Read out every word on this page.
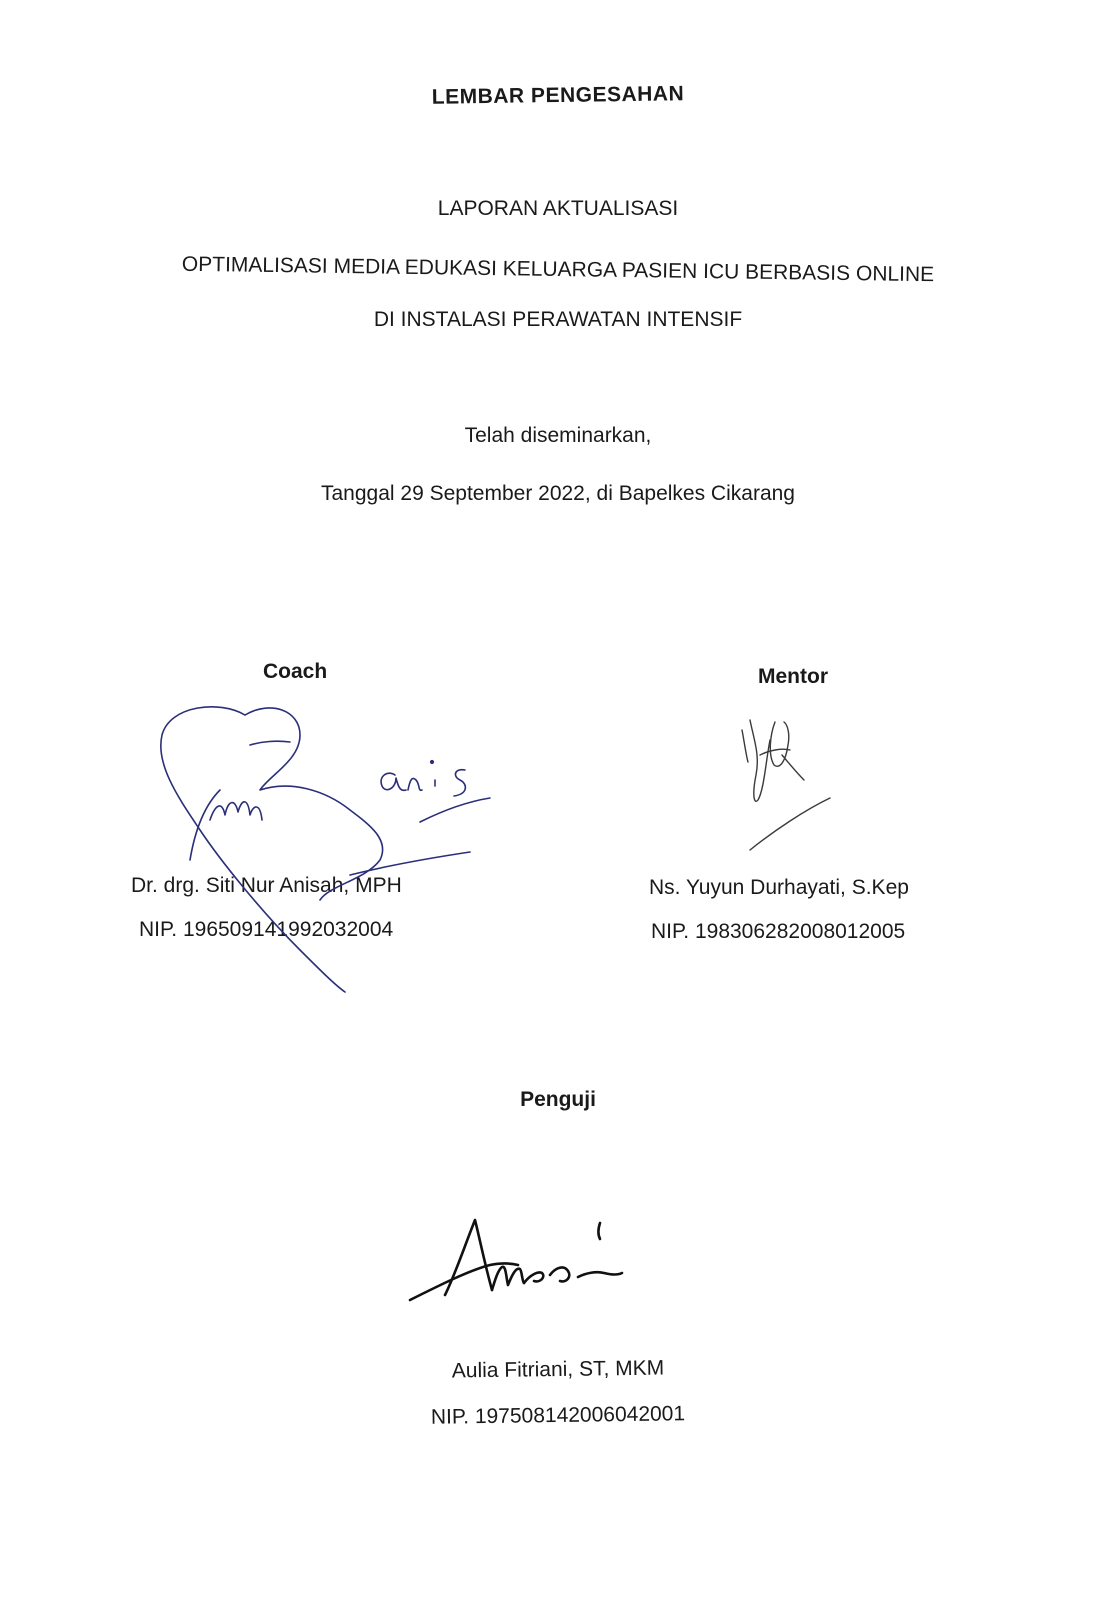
LEMBAR PENGESAHAN
LAPORAN AKTUALISASI
OPTIMALISASI MEDIA EDUKASI KELUARGA PASIEN ICU BERBASIS ONLINE
DI INSTALASI PERAWATAN INTENSIF
Telah diseminarkan,
Tanggal 29 September 2022, di Bapelkes Cikarang
Coach
Dr. drg. Siti Nur Anisah, MPH
NIP. 196509141992032004
Mentor
Ns. Yuyun Durhayati, S.Kep
NIP. 198306282008012005
Penguji
Aulia Fitriani, ST, MKM
NIP. 197508142006042001
